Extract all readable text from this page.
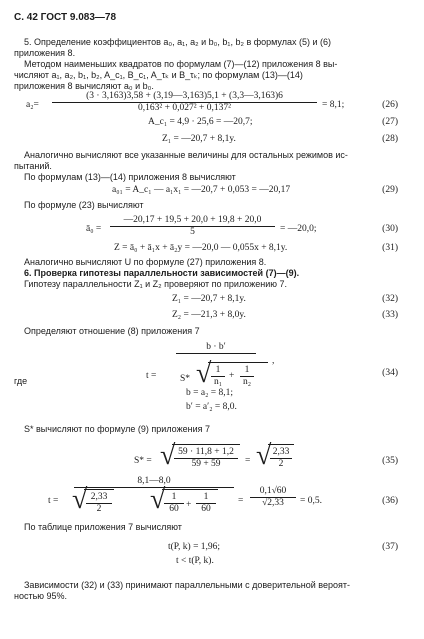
С. 42 ГОСТ 9.083—78
5. Определение коэффициентов a₀, a₁, a₂ и b₀, b₁, b₂ в формулах (5) и (6)
приложения 8.
Методом наименьших квадратов по формулам (7)—(12) приложения 8 вы-
числяют a₁, a₂, b₁, b₂, A_c₁, B_c₁, A_τₖ и B_τₖ; по формулам (13)—(14)
приложения 8 вычисляют a₀ и b₀.
$a_2= \frac{(3 \cdot 3,163)3,58 + (3,19—3,163)5,1 + (3,3—3,163)6}{\text{0,163² + 0,027² + 0,137²}} = 8,1$;	(26)
A_c₁ = 4,9 · 25,6 = —20,7;	(27)
Z₁ = —20,7 + 8,1y.	(28)
Аналогично вычисляют все указанные величины для остальных режимов ис-
пытаний.
По формулам (13)—(14) приложения 8 вычисляют
a₀₁ = A_c₁ — a₁x₁ = —20,7 + 0,053 = —20,17	(29)
По формуле (23) вычисляют
ā₀ = $\frac{—20,17 + 19,5 + 20,0 + 19,8 + 20,0}{5}$ = —20,0;	(30)
Z = ā₀ + ā₁x + ā₂y = —20,0 — 0,055x + 8,1y.	(31)
Аналогично вычисляют U по формуле (27) приложения 8.
6. Проверка гипотезы параллельности зависимостей (7)—(9).
Гипотезу параллельности Z₁ и Z₂ проверяют по приложению 7.
Z₁ = —20,7 + 8,1y.	(32)
Z₂ = —21,3 + 8,0y.	(33)
Определяют отношение (8) приложения 7
t =
b · b′
S* √ $\frac{1}{\text{n₁}} + \frac{1}{\text{n₂}}$
,
(34)
где
b = a₂ = 8,1;
b′ = a′₂ = 8,0.
S* вычисляют по формуле (9) приложения 7
S* = √
$\frac{59 \cdot 11,8 + 1,2}{59 + 59}$ = √
$\frac{2,33}{2}$	(35)
t =
8,1—8,0
√
$\frac{2,33}{2}$ √
$\frac{1}{60} + \frac{1}{60} = \frac{0,1√60}{√2,33} = 0,5$.	(36)
По таблице приложения 7 вычисляют
t(P, k) = 1,96;	(37)
t < t(P, k).
Зависимости (32) и (33) принимают параллельными с доверительной вероят-
ностью 95%.
